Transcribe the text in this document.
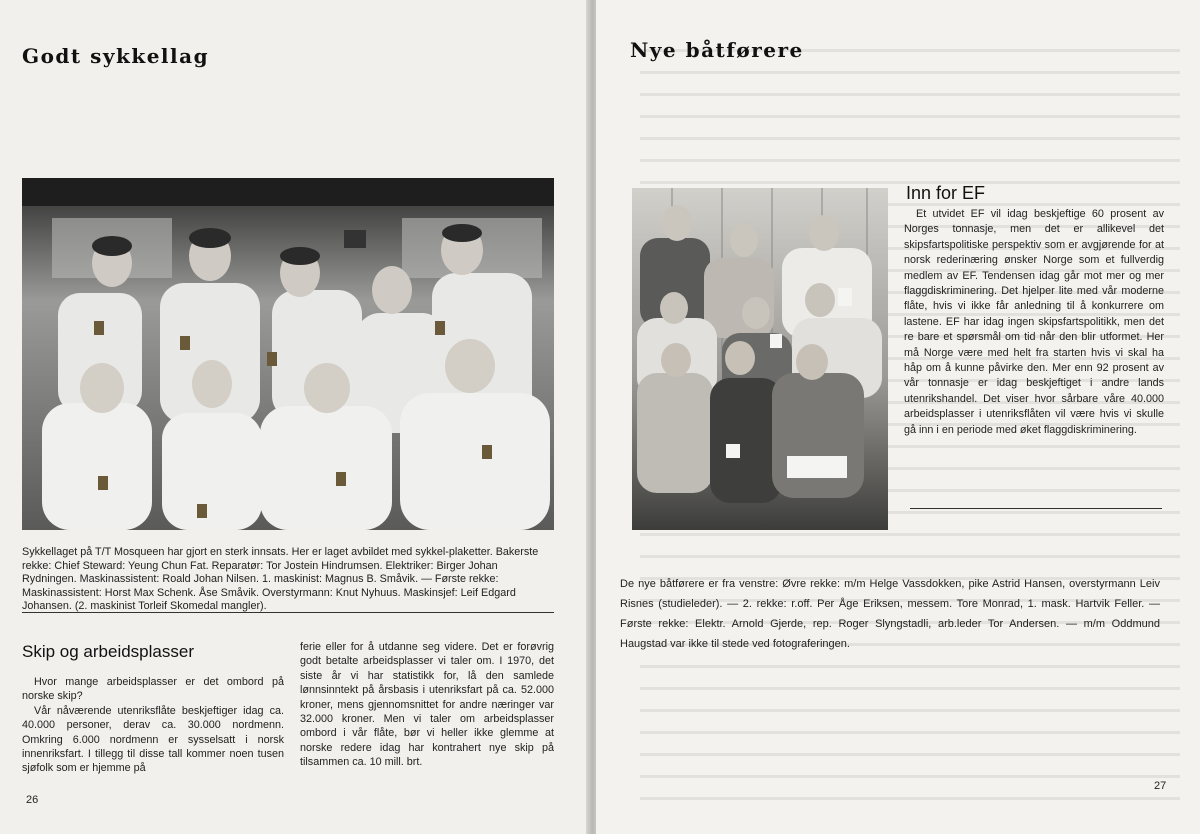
Godt sykkellag

Sykkellaget på T/T Mosqueen har gjort en sterk innsats. Her er laget avbildet med sykkel-plaketter. Bakerste rekke: Chief Steward: Yeung Chun Fat. Reparatør: Tor Jostein Hindrumsen. Elektriker: Birger Johan Rydningen. Maskinassistent: Roald Johan Nilsen. 1. maskinist: Magnus B. Småvik. — Første rekke: Maskinassistent: Horst Max Schenk. Åse Småvik. Overstyrmann: Knut Nyhuus. Maskinsjef: Leif Edgard Johansen. (2. maskinist Torleif Skomedal mangler).

Skip og arbeidsplasser

Hvor mange arbeidsplasser er det ombord på norske skip?

Vår nåværende utenriksflåte beskjeftiger idag ca. 40.000 personer, derav ca. 30.000 nordmenn. Omkring 6.000 nordmenn er sysselsatt i norsk innenriksfart. I tillegg til disse tall kommer noen tusen sjøfolk som er hjemme på

ferie eller for å utdanne seg videre. Det er forøvrig godt betalte arbeidsplasser vi taler om. I 1970, det siste år vi har statistikk for, lå den samlede lønnsinntekt på årsbasis i utenriksfart på ca. 52.000 kroner, mens gjennomsnittet for andre næringer var 32.000 kroner. Men vi taler om arbeidsplasser ombord i vår flåte, bør vi heller ikke glemme at norske redere idag har kontrahert nye skip på tilsammen ca. 10 mill. brt.

26
Nye båtførere
Inn for EF

Et utvidet EF vil idag beskjeftige 60 prosent av Norges tonnasje, men det er allikevel det skipsfartspolitiske perspektiv som er avgjørende for at norsk rederinæring ønsker Norge som et fullverdig medlem av EF. Tendensen idag går mot mer og mer flaggdiskriminering. Det hjelper lite med vår moderne flåte, hvis vi ikke får anledning til å konkurrere om lastene. EF har idag ingen skipsfartspolitikk, men det re bare et spørsmål om tid når den blir utformet. Her må Norge være med helt fra starten hvis vi skal ha håp om å kunne påvirke den. Mer enn 92 prosent av vår tonnasje er idag beskjeftiget i andre lands utenrikshandel. Det viser hvor sårbare våre 40.000 arbeidsplasser i utenriksflåten vil være hvis vi skulle gå inn i en periode med øket flaggdiskriminering.

De nye båtførere er fra venstre: Øvre rekke: m/m Helge Vassdokken, pike Astrid Hansen, overstyrmann Leiv Risnes (studieleder). — 2. rekke: r.off. Per Åge Eriksen, messem. Tore Monrad, 1. mask. Hartvik Feller. — Første rekke: Elektr. Arnold Gjerde, rep. Roger Slyngstadli, arb.leder Tor Andersen. — m/m Oddmund Haugstad var ikke til stede ved fotograferingen.

27
